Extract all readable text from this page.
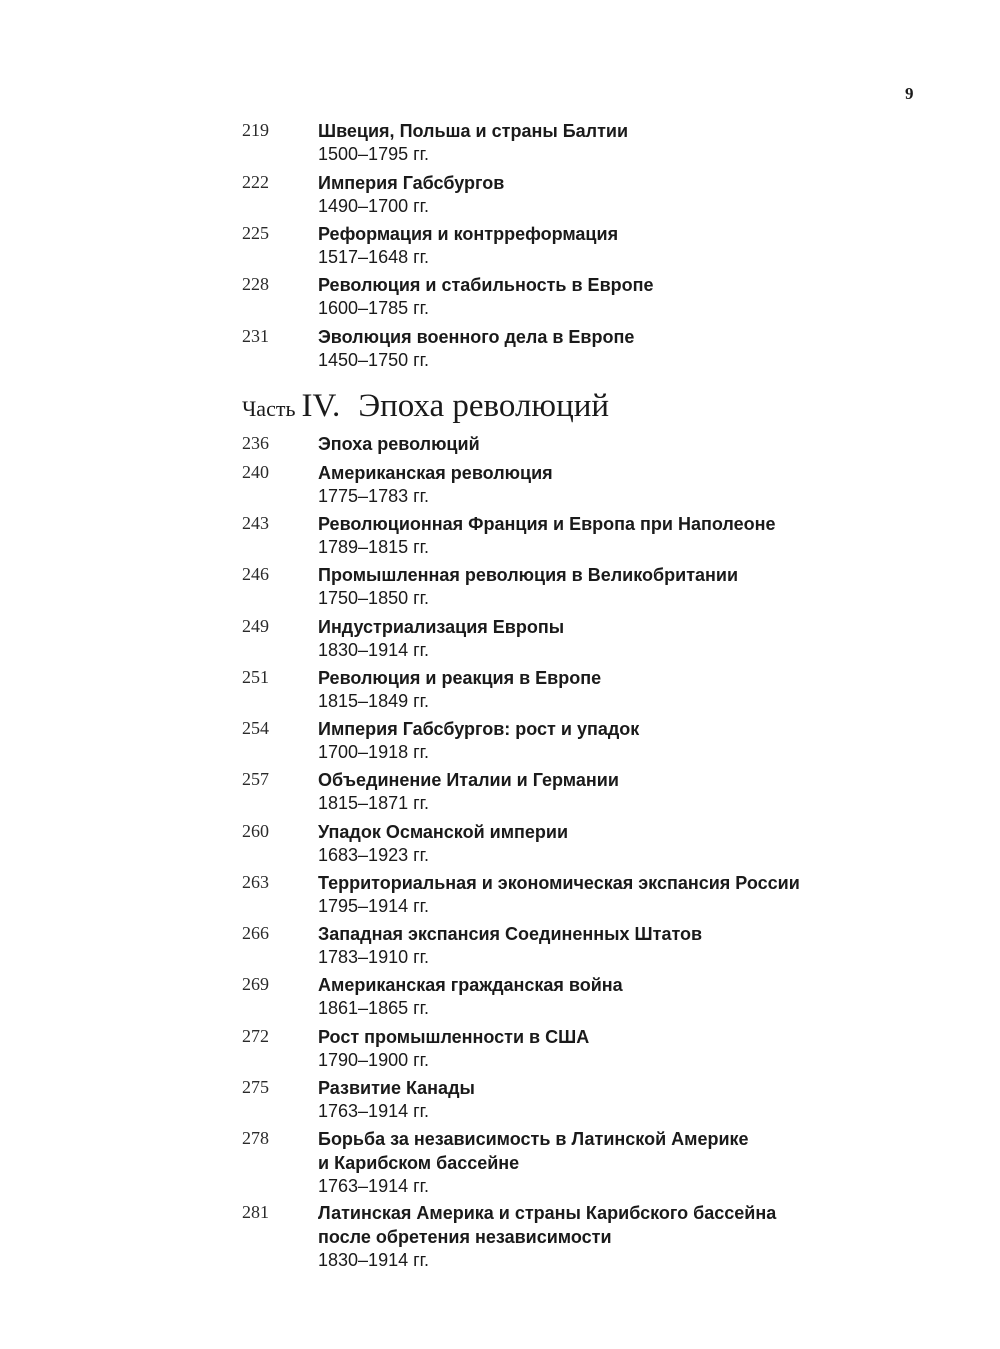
9
219	Швеция, Польша и страны Балтии
1500–1795 гг.
222	Империя Габсбургов
1490–1700 гг.
225	Реформация и контрреформация
1517–1648 гг.
228	Революция и стабильность в Европе
1600–1785 гг.
231	Эволюция военного дела в Европе
1450–1750 гг.
Часть IV. Эпоха революций
236	Эпоха революций
240	Американская революция
1775–1783 гг.
243	Революционная Франция и Европа при Наполеоне
1789–1815 гг.
246	Промышленная революция в Великобритании
1750–1850 гг.
249	Индустриализация Европы
1830–1914 гг.
251	Революция и реакция в Европе
1815–1849 гг.
254	Империя Габсбургов: рост и упадок
1700–1918 гг.
257	Объединение Италии и Германии
1815–1871 гг.
260	Упадок Османской империи
1683–1923 гг.
263	Территориальная и экономическая экспансия России
1795–1914 гг.
266	Западная экспансия Соединенных Штатов
1783–1910 гг.
269	Американская гражданская война
1861–1865 гг.
272	Рост промышленности в США
1790–1900 гг.
275	Развитие Канады
1763–1914 гг.
278	Борьба за независимость в Латинской Америке
и Карибском бассейне
1763–1914 гг.
281	Латинская Америка и страны Карибского бассейна
после обретения независимости
1830–1914 гг.
